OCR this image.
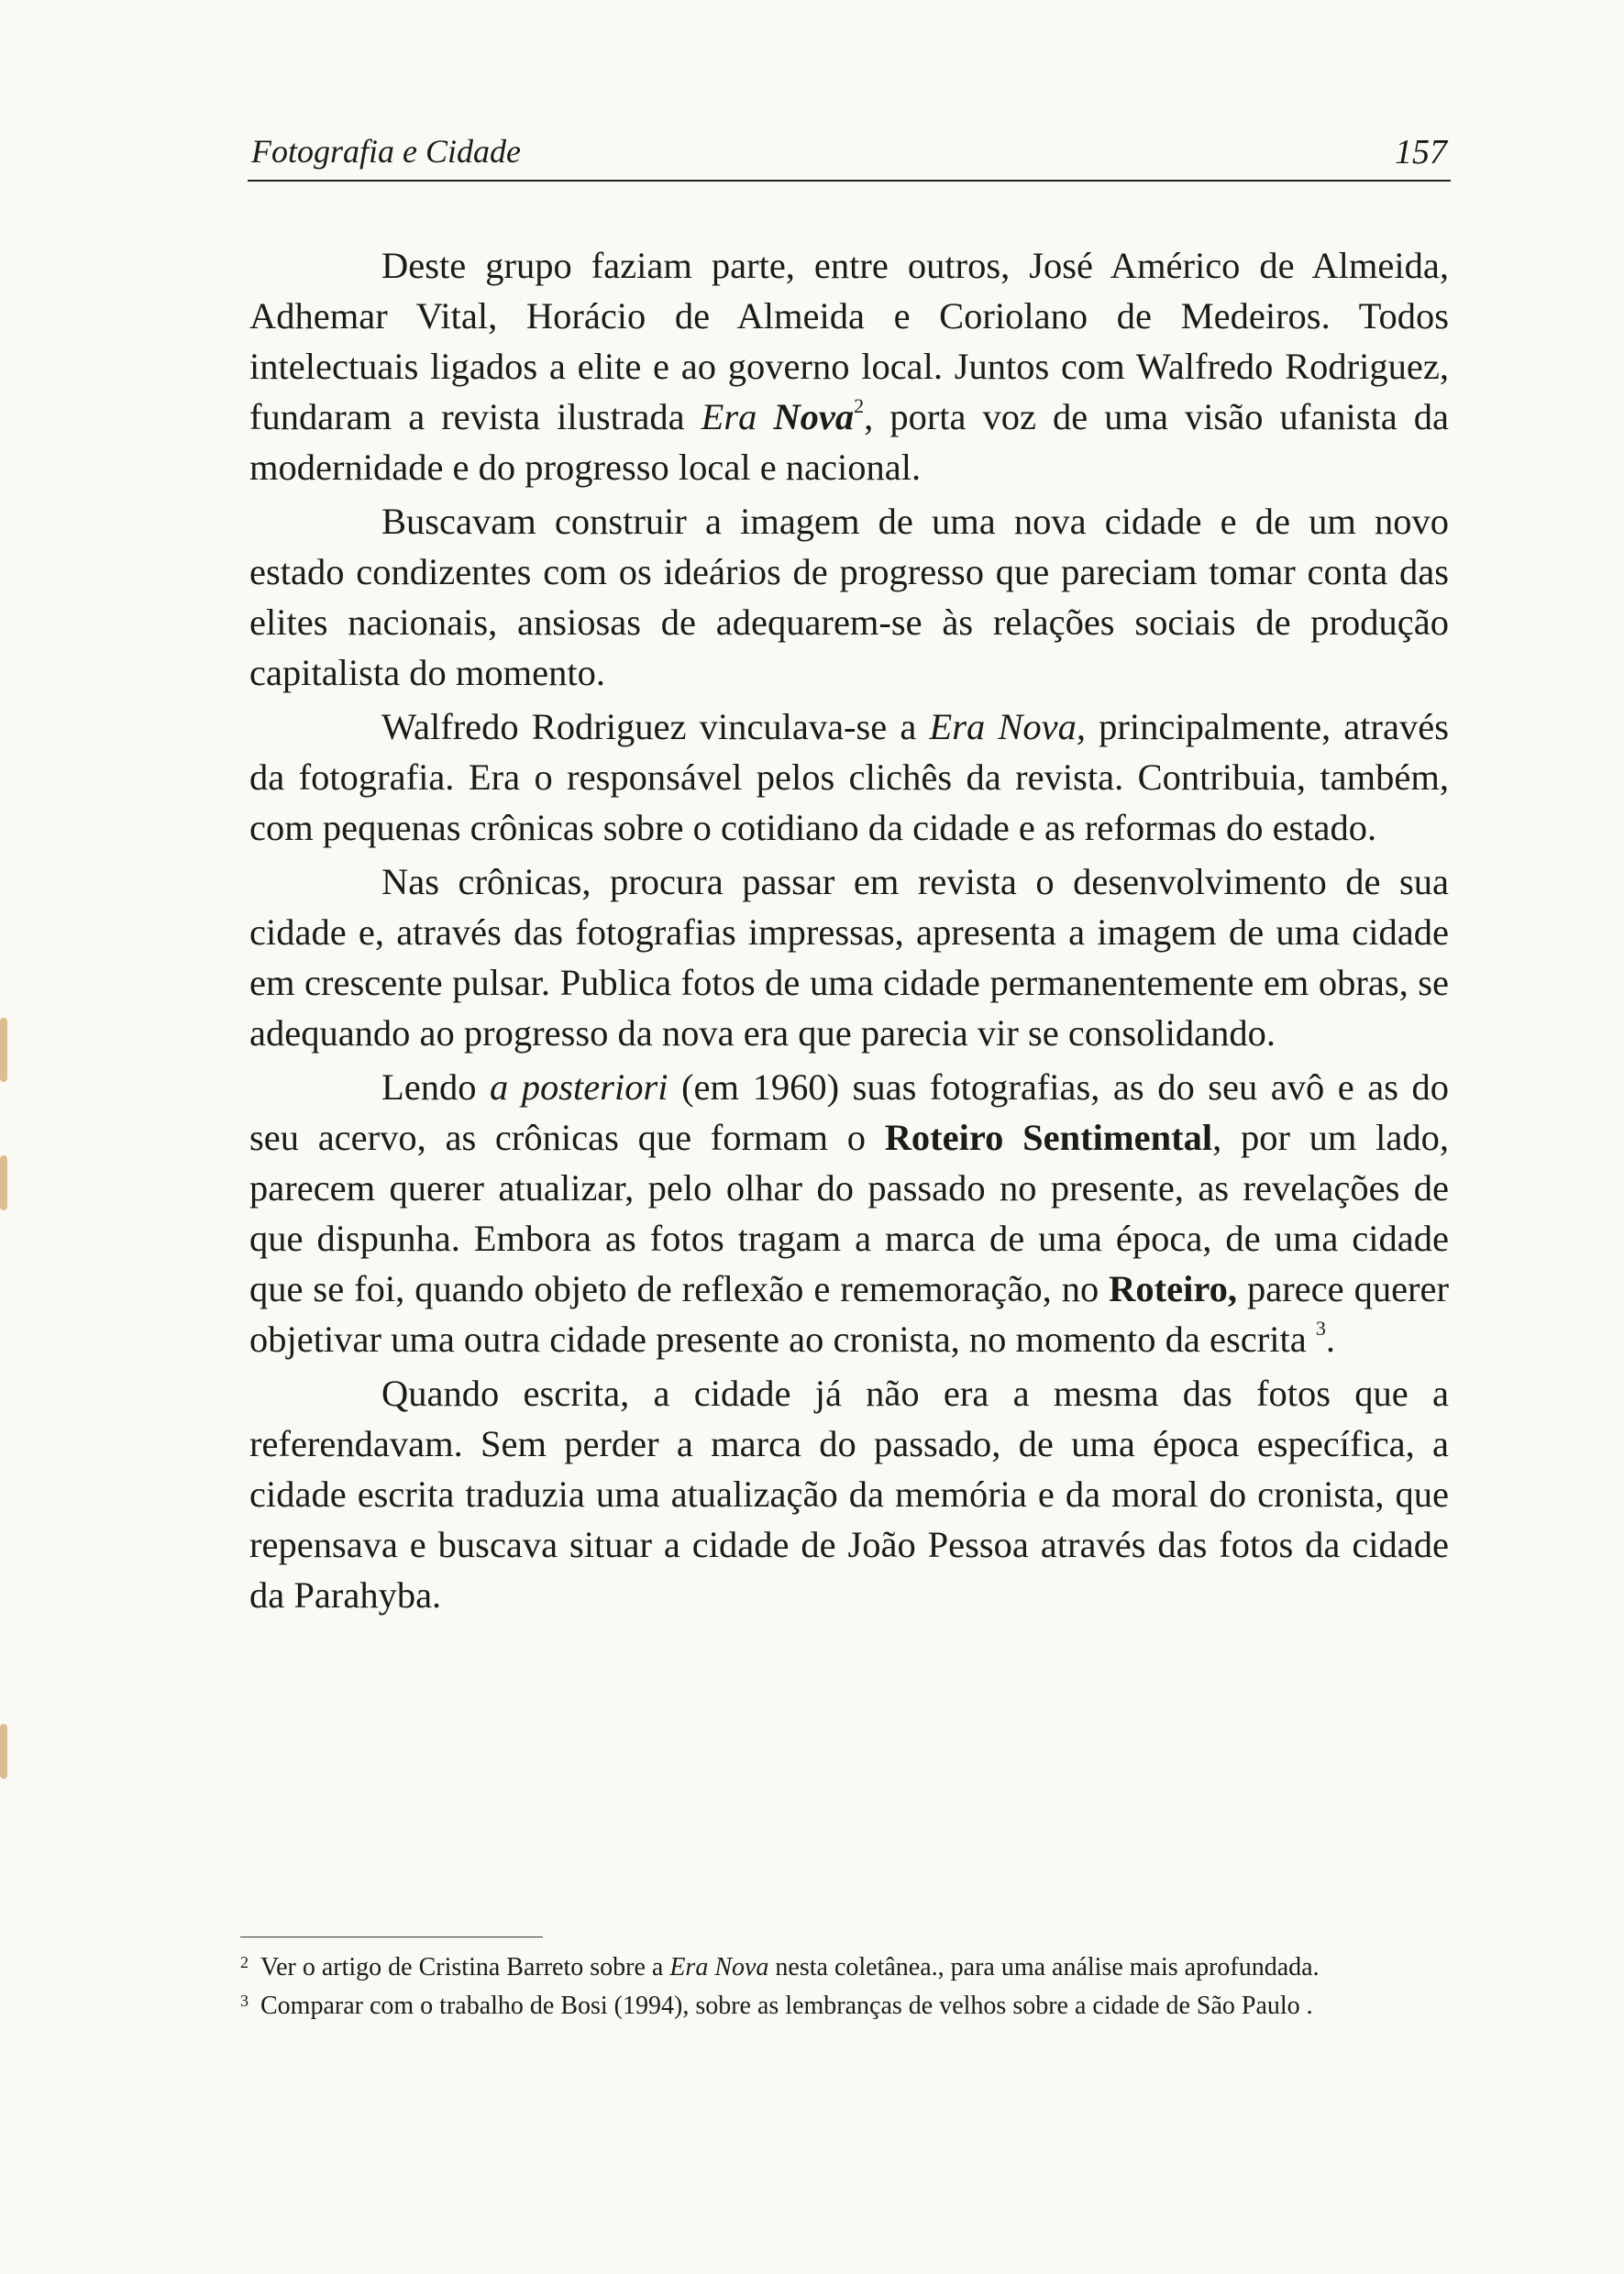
Fotografia e Cidade	157

Deste grupo faziam parte, entre outros, José Américo de Almeida, Adhemar Vital, Horácio de Almeida e Coriolano de Medeiros. Todos intelectuais ligados a elite e ao governo local. Juntos com Walfredo Rodriguez, fundaram a revista ilustrada Era Nova$^2$, porta voz de uma visão ufanista da modernidade e do progresso local e nacional.

Buscavam construir a imagem de uma nova cidade e de um novo estado condizentes com os ideários de progresso que pareciam tomar conta das elites nacionais, ansiosas de adequarem-se às relações sociais de produção capitalista do momento.

Walfredo Rodriguez vinculava-se a Era Nova, principalmente, através da fotografia. Era o responsável pelos clichês da revista. Contribuia, também, com pequenas crônicas sobre o cotidiano da cidade e as reformas do estado.

Nas crônicas, procura passar em revista o desenvolvimento de sua cidade e, através das fotografias impressas, apresenta a imagem de uma cidade em crescente pulsar. Publica fotos de uma cidade permanentemente em obras, se adequando ao progresso da nova era que parecia vir se consolidando.

Lendo a posteriori (em 1960) suas fotografias, as do seu avô e as do seu acervo, as crônicas que formam o Roteiro Sentimental, por um lado, parecem querer atualizar, pelo olhar do passado no presente, as revelações de que dispunha. Embora as fotos tragam a marca de uma época, de uma cidade que se foi, quando objeto de reflexão e rememoração, no Roteiro, parece querer objetivar uma outra cidade presente ao cronista, no momento da escrita $^3$.

Quando escrita, a cidade já não era a mesma das fotos que a referendavam. Sem perder a marca do passado, de uma época específica, a cidade escrita traduzia uma atualização da memória e da moral do cronista, que repensava e buscava situar a cidade de João Pessoa através das fotos da cidade da Parahyba.

2 Ver o artigo de Cristina Barreto sobre a Era Nova nesta coletânea., para uma análise mais aprofundada.
3 Comparar com o trabalho de Bosi (1994), sobre as lembranças de velhos sobre a cidade de São Paulo .
